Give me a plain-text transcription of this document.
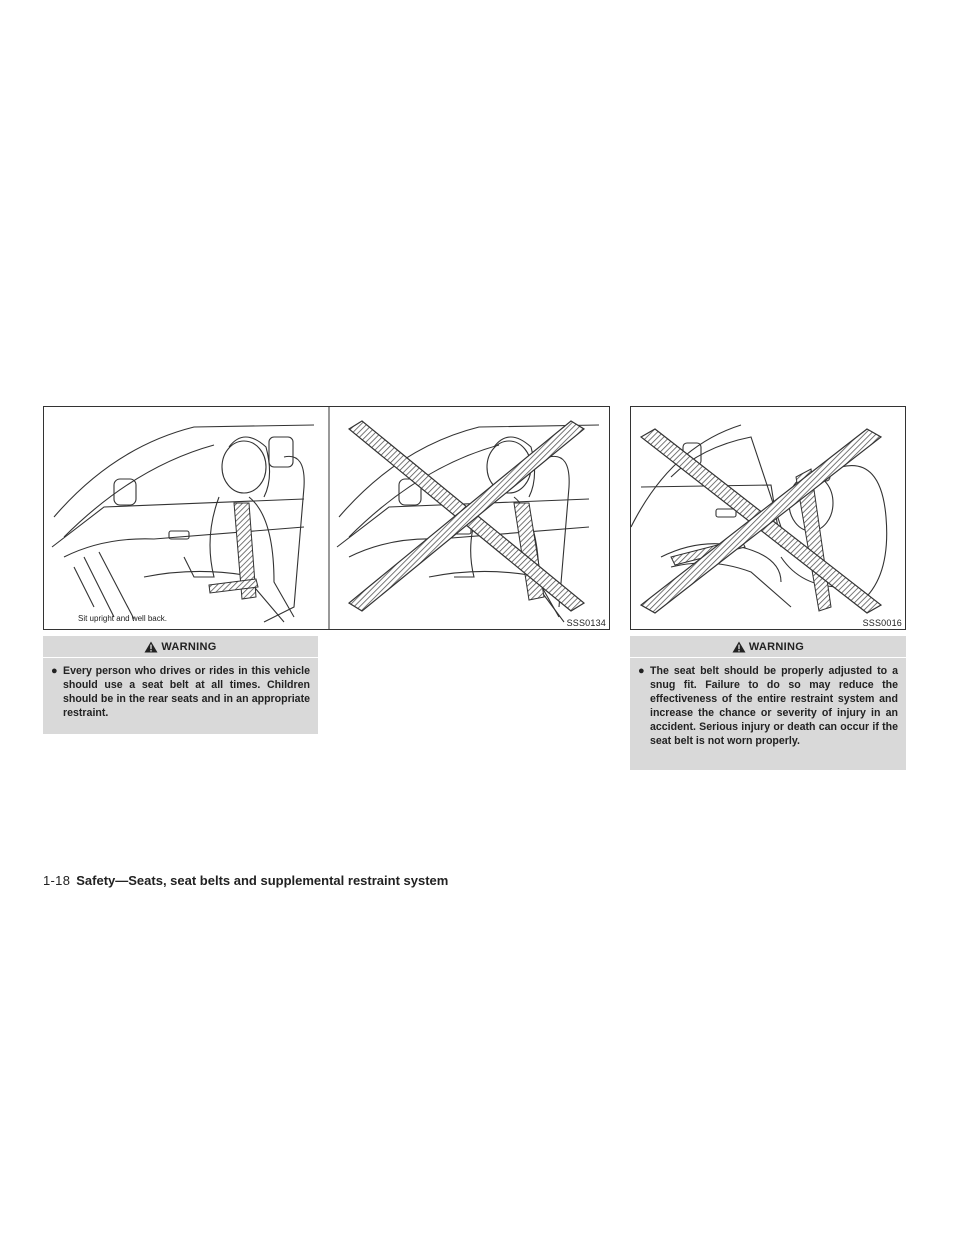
Sit upright and well back.	SSS0134	SSS0016
WARNING
● Every person who drives or rides in this vehicle should use a seat belt at all times. Children should be in the rear seats and in an appropriate restraint.
WARNING
● The seat belt should be properly adjusted to a snug fit. Failure to do so may reduce the effectiveness of the entire restraint system and increase the chance or severity of injury in an accident. Serious injury or death can occur if the seat belt is not worn properly.
1-18 Safety—Seats, seat belts and supplemental restraint system
